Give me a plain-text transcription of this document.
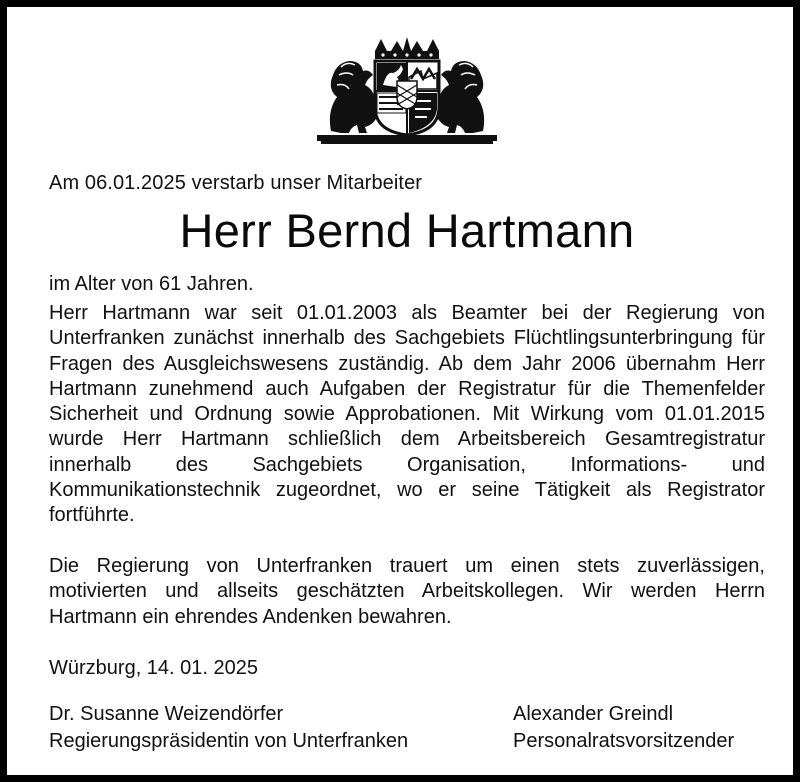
Am 06.01.2025 verstarb unser Mitarbeiter
Herr Bernd Hartmann
im Alter von 61 Jahren.
Herr Hartmann war seit 01.01.2003 als Beamter bei der Regierung von Unterfranken zunächst innerhalb des Sachgebiets Flüchtlingsunterbringung für Fragen des Ausgleichswesens zuständig. Ab dem Jahr 2006 übernahm Herr Hartmann zunehmend auch Aufgaben der Registratur für die Themenfelder Sicherheit und Ordnung sowie Approbationen. Mit Wirkung vom 01.01.2015 wurde Herr Hartmann schließlich dem Arbeitsbereich Gesamtregistratur innerhalb des Sachgebiets Organisation, Informations- und Kommunikationstechnik zugeordnet, wo er seine Tätigkeit als Registrator fortführte.
Die Regierung von Unterfranken trauert um einen stets zuverlässigen, motivierten und allseits geschätzten Arbeitskollegen. Wir werden Herrn Hartmann ein ehrendes Andenken bewahren.
Würzburg, 14. 01. 2025
Dr. Susanne Weizendörfer
Regierungspräsidentin von Unterfranken
Alexander Greindl
Personalratsvorsitzender
